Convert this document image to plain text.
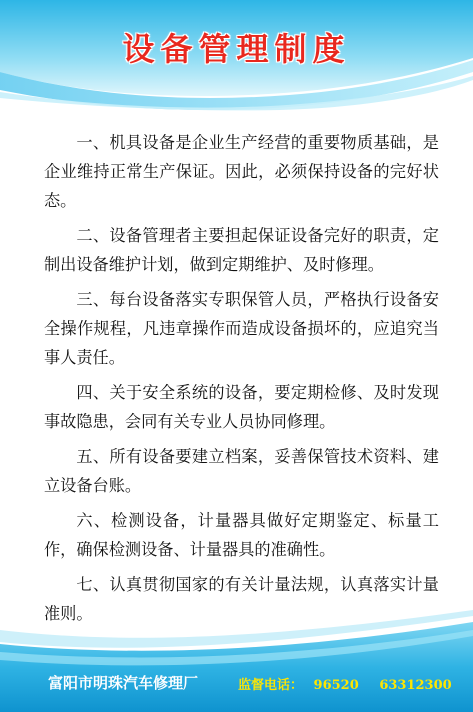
设备管理制度

一、机具设备是企业生产经营的重要物质基础，是企业维持正常生产保证。因此，必须保持设备的完好状态。

二、设备管理者主要担起保证设备完好的职责，定制出设备维护计划，做到定期维护、及时修理。

三、每台设备落实专职保管人员，严格执行设备安全操作规程，凡违章操作而造成设备损坏的，应追究当事人责任。

四、关于安全系统的设备，要定期检修、及时发现事故隐患，会同有关专业人员协同修理。

五、所有设备要建立档案，妥善保管技术资料、建立设备台账。

六、检测设备，计量器具做好定期鉴定、标量工作，确保检测设备、计量器具的准确性。

七、认真贯彻国家的有关计量法规，认真落实计量准则。

富阳市明珠汽车修理厂	监督电话： 96520 63312300
